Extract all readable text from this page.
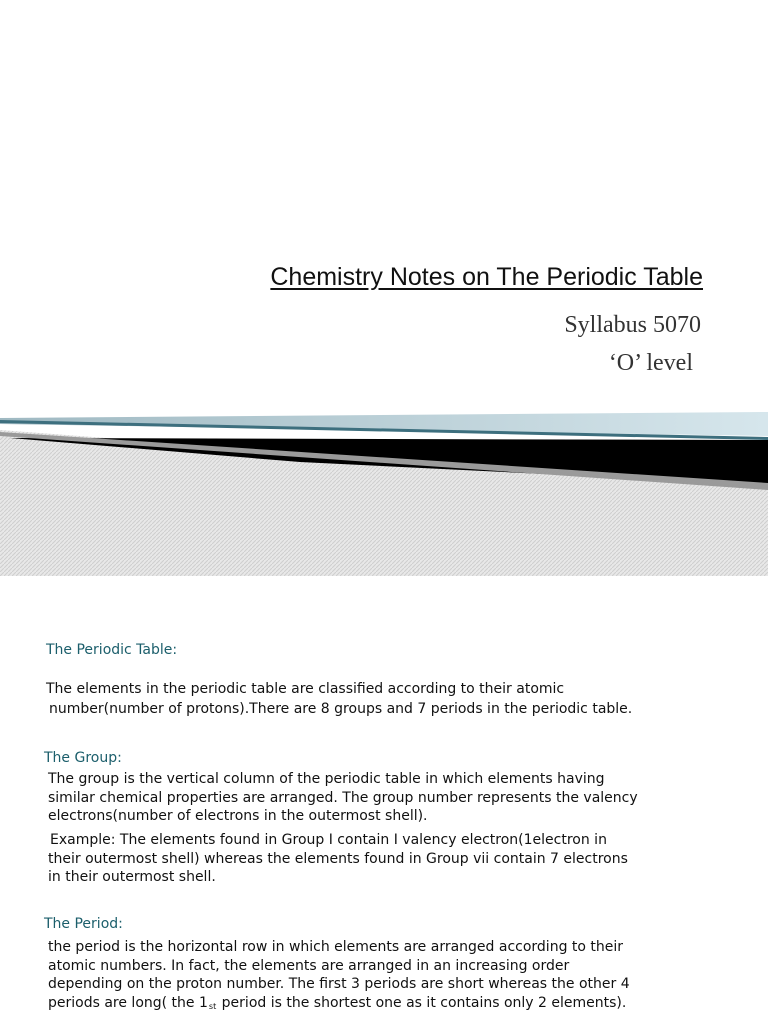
Chemistry Notes on The Periodic Table
Syllabus 5070
‘O’ level
The Periodic Table:
The elements in the periodic table are classified according to their atomic
number(number of protons).There are 8 groups and 7 periods in the periodic table.
The Group:
The group is the vertical column of the periodic table in which elements having
similar chemical properties are arranged. The group number represents the valency
electrons(number of electrons in the outermost shell).
Example: The elements found in Group I contain I valency electron(1electron in
their outermost shell) whereas the elements found in Group vii contain 7 electrons
in their outermost shell.
The Period:
the period is the horizontal row in which elements are arranged according to their
atomic numbers. In fact, the elements are arranged in an increasing order
depending on the proton number. The first 3 periods are short whereas the other 4
periods are long( the $1_{st}$ period is the shortest one as it contains only 2 elements).
